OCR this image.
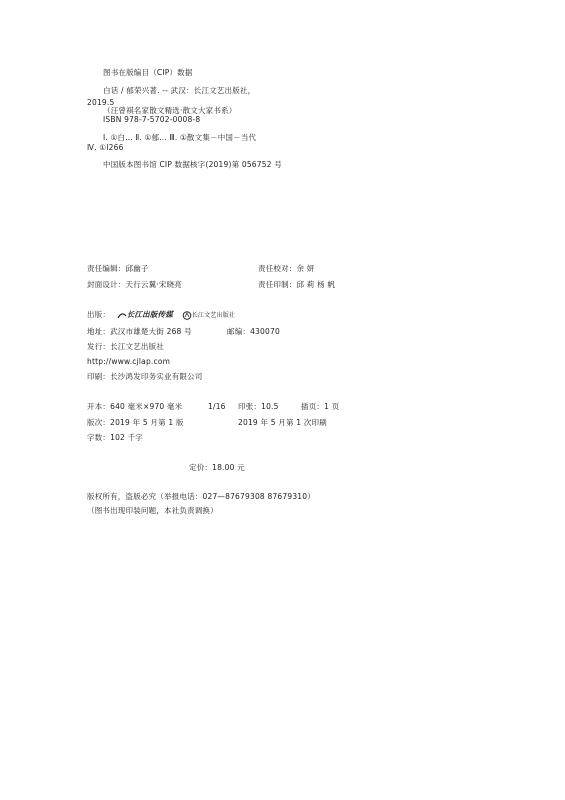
图书在版编目（CIP）数据
白话 / 郁荣兴著. -- 武汉：长江文艺出版社，
2019.5
（汪曾祺名家散文精选·散文大家书系）
ISBN 978-7-5702-0008-8
Ⅰ. ①白… Ⅱ. ①郁… Ⅲ. ①散文集－中国－当代
Ⅳ. ①I266
中国版本图书馆 CIP 数据核字(2019)第 056752 号
责任编辑：邱幽子	责任校对：余 妍
封面设计：天行云翼·宋晓亮	责任印制：邱 莉 杨 帆
出版： 长江出版传媒	长江文艺出版社
地址：武汉市雄楚大街 268 号	邮编：430070
发行：长江文艺出版社
http://www.cjlap.com
印刷：长沙鸿发印务实业有限公司
开本：640 毫米×970 毫米	1/16 印张：10.5	插页：1 页
版次：2019 年 5 月第 1 版	2019 年 5 月第 1 次印刷
字数：102 千字
定价：18.00 元
版权所有，盗版必究（举报电话：027—87679308 87679310）
（图书出现印装问题，本社负责调换）
